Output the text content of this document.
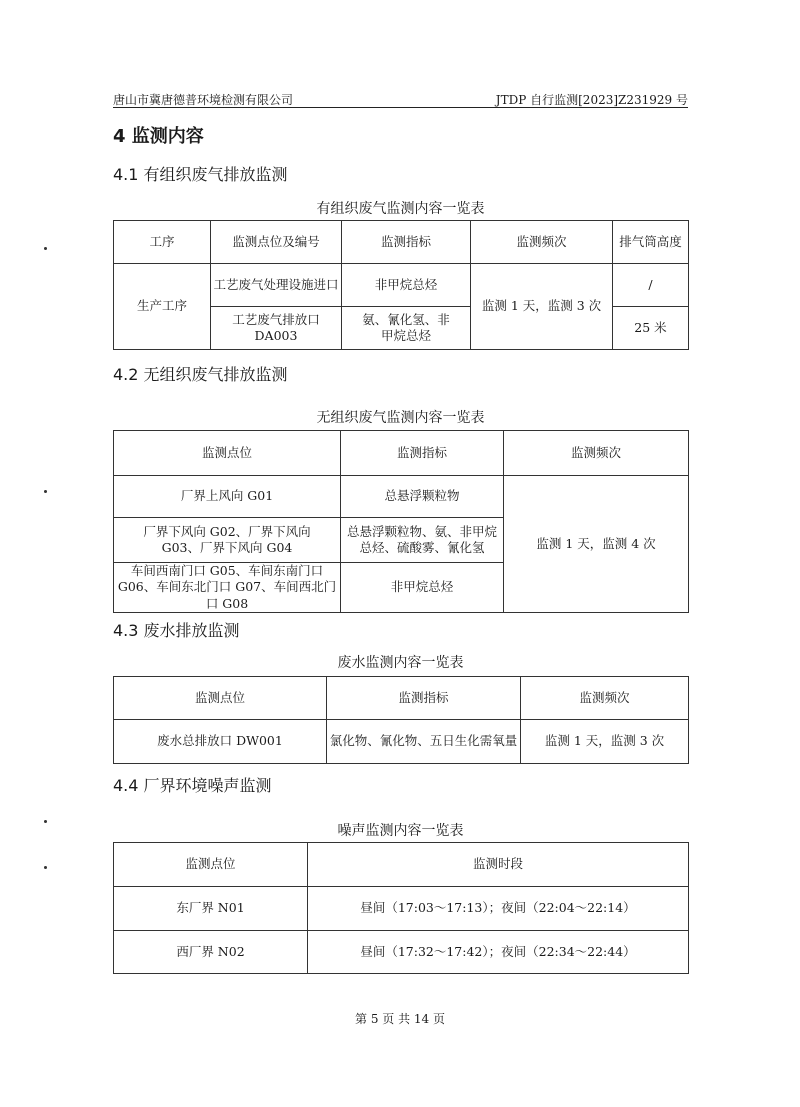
唐山市冀唐德普环境检测有限公司	JTDP 自行监测[2023]Z231929 号
4 监测内容
4.1 有组织废气排放监测
有组织废气监测内容一览表
工序	监测点位及编号	监测指标	监测频次	排气筒高度
生产工序	工艺废气处理设施进口	非甲烷总烃	监测 1 天，监测 3 次	/
	工艺废气排放口 DA003	氨、氰化氢、非甲烷总烃		25 米
4.2 无组织废气排放监测
无组织废气监测内容一览表
监测点位	监测指标	监测频次
厂界上风向 G01	总悬浮颗粒物	监测 1 天，监测 4 次
厂界下风向 G02、厂界下风向 G03、厂界下风向 G04	总悬浮颗粒物、氨、非甲烷总烃、硫酸雾、氰化氢	
车间西南门口 G05、车间东南门口 G06、车间东北门口 G07、车间西北门口 G08	非甲烷总烃	
4.3 废水排放监测
废水监测内容一览表
监测点位	监测指标	监测频次
废水总排放口 DW001	氯化物、氰化物、五日生化需氧量	监测 1 天，监测 3 次
4.4 厂界环境噪声监测
噪声监测内容一览表
监测点位	监测时段
东厂界 N01	昼间（17:03～17:13）；夜间（22:04～22:14）
西厂界 N02	昼间（17:32～17:42）；夜间（22:34～22:44）
第 5 页 共 14 页
